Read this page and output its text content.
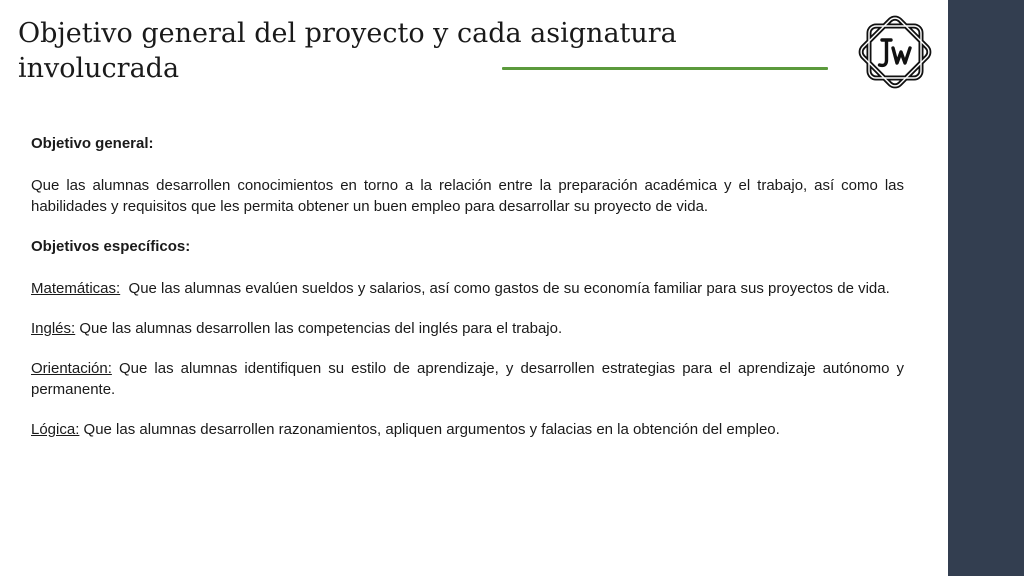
Objetivo general del proyecto y cada asignatura involucrada

Objetivo general:

Que las alumnas desarrollen conocimientos en torno a la relación entre la preparación académica y el trabajo, así como las habilidades y requisitos que les permita obtener un buen empleo para desarrollar su proyecto de vida.

Objetivos específicos:

Matemáticas:  Que las alumnas evalúen sueldos y salarios, así como gastos de su economía familiar para sus proyectos de vida.

Inglés: Que las alumnas desarrollen las competencias del inglés para el trabajo.

Orientación: Que las alumnas identifiquen su estilo de aprendizaje, y desarrollen estrategias para el aprendizaje autónomo y permanente.

Lógica: Que las alumnas desarrollen razonamientos, apliquen argumentos y falacias en la obtención del empleo.
